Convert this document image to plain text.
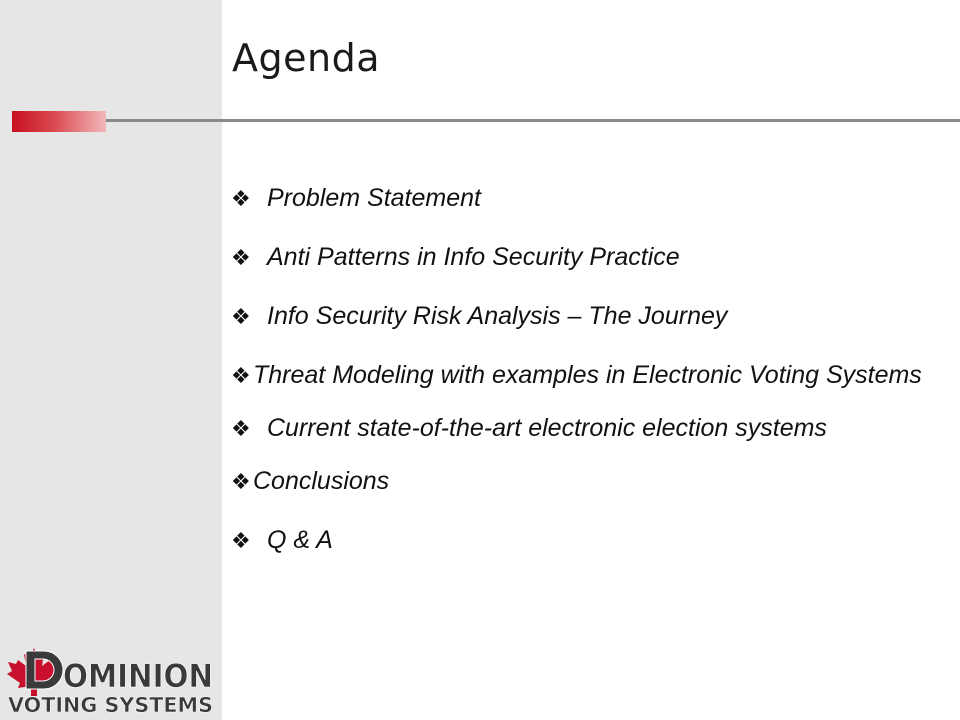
Agenda
❖ Problem Statement
❖ Anti Patterns in Info Security Practice
❖ Info Security Risk Analysis – The Journey
❖Threat Modeling with examples in Electronic Voting Systems
❖ Current state-of-the-art electronic election systems
❖Conclusions
❖ Q & A
OMINION
VOTING SYSTEMS
